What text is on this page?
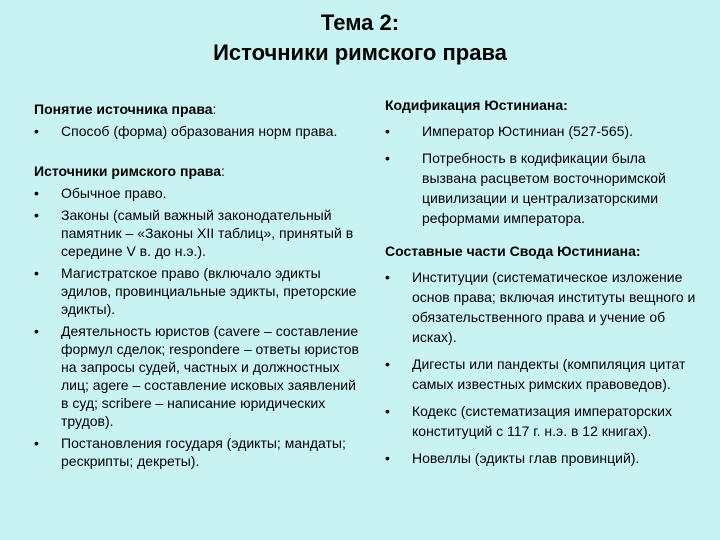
Тема 2:
Источники римского права
Понятие источника права:
• Способ (форма) образования норм права.
Источники римского права:
• Обычное право.
• Законы (самый важный законодательный памятник – «Законы XII таблиц», принятый в середине V в. до н.э.).
• Магистратское право (включало эдикты эдилов, провинциальные эдикты, преторские эдикты).
• Деятельность юристов (cavere – составление формул сделок; respondere – ответы юристов на запросы судей, частных и должностных лиц; agere – составление исковых заявлений в суд; scribere – написание юридических трудов).
• Постановления государя (эдикты; мандаты; рескрипты; декреты).
Кодификация Юстиниана:
• Император Юстиниан (527-565).
• Потребность в кодификации была вызвана расцветом восточноримской цивилизации и централизаторскими реформами императора.
Составные части Свода Юстиниана:
• Институции (систематическое изложение основ права; включая институты вещного и обязательственного права и учение об исках).
• Дигесты или пандекты (компиляция цитат самых известных римских правоведов).
• Кодекс (систематизация императорских конституций с 117 г. н.э. в 12 книгах).
• Новеллы (эдикты глав провинций).
